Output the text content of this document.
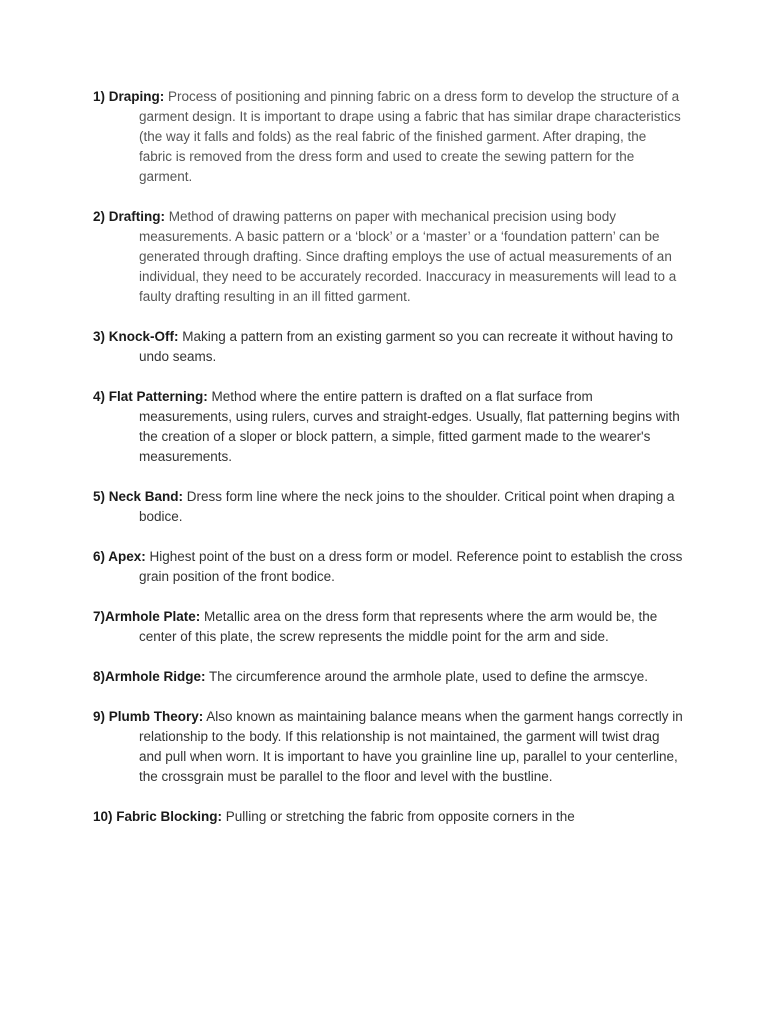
1) Draping: Process of positioning and pinning fabric on a dress form to develop the structure of a garment design. It is important to drape using a fabric that has similar drape characteristics (the way it falls and folds) as the real fabric of the finished garment. After draping, the fabric is removed from the dress form and used to create the sewing pattern for the garment.

2) Drafting: Method of drawing patterns on paper with mechanical precision using body measurements. A basic pattern or a ‘block’ or a ‘master’ or a ‘foundation pattern’ can be generated through drafting. Since drafting employs the use of actual measurements of an individual, they need to be accurately recorded. Inaccuracy in measurements will lead to a faulty drafting resulting in an ill fitted garment.

3) Knock-Off: Making a pattern from an existing garment so you can recreate it without having to undo seams.

4) Flat Patterning: Method where the entire pattern is drafted on a flat surface from measurements, using rulers, curves and straight-edges. Usually, flat patterning begins with the creation of a sloper or block pattern, a simple, fitted garment made to the wearer's measurements.

5) Neck Band: Dress form line where the neck joins to the shoulder. Critical point when draping a bodice.

6) Apex: Highest point of the bust on a dress form or model. Reference point to establish the cross grain position of the front bodice.

7)Armhole Plate: Metallic area on the dress form that represents where the arm would be, the center of this plate, the screw represents the middle point for the arm and side.

8)Armhole Ridge: The circumference around the armhole plate, used to define the armscye.

9) Plumb Theory: Also known as maintaining balance means when the garment hangs correctly in relationship to the body. If this relationship is not maintained, the garment will twist drag and pull when worn. It is important to have you grainline line up, parallel to your centerline, the crossgrain must be parallel to the floor and level with the bustline.

10) Fabric Blocking: Pulling or stretching the fabric from opposite corners in the
